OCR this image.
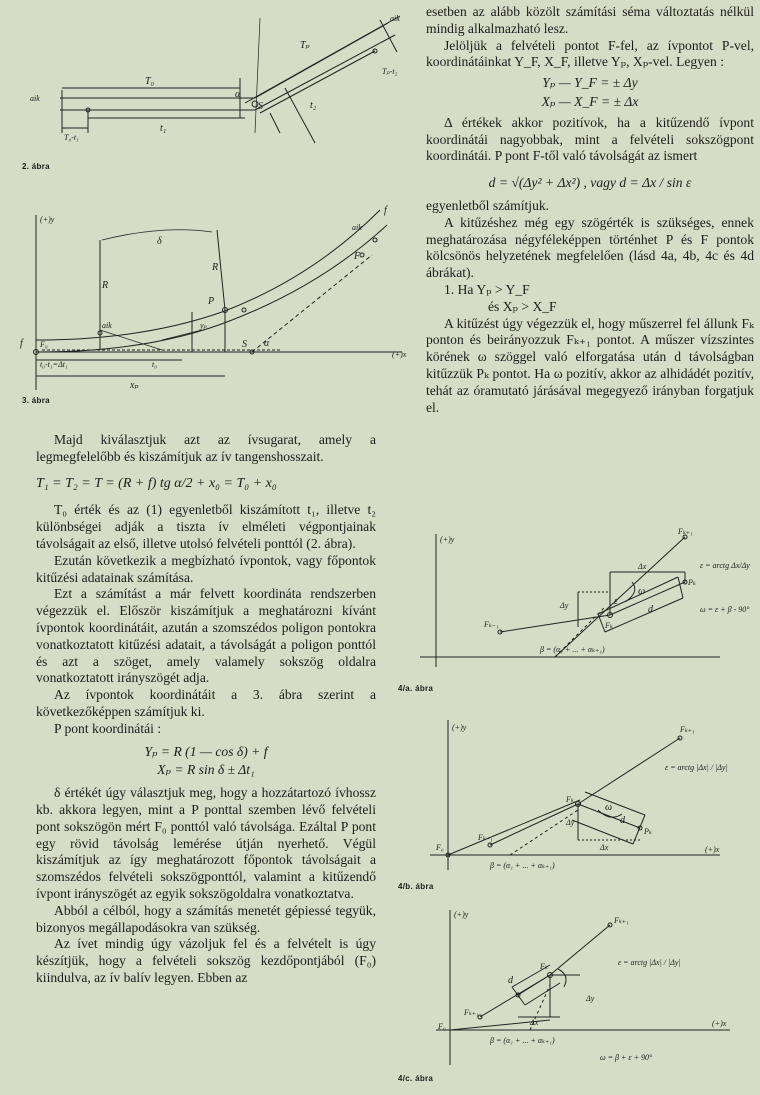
aik
aik
T₀
Tₚ
t₁
t₂
T₀-t₁
Tₚ-t₂
α
S
2. ábra
(+)y
(+)x
δ
R
R
aik
aik
f
f
P
F
S α
yₚ
F₀
xₚ
t₀
t₀-t₁=Δt₁
3. ábra

Majd kiválasztjuk azt az ívsugarat, amely a legmegfelelőbb és kiszámítjuk az ív tangenshosszait.

T₁ = T₂ = T = (R + f) tg α/2 + x₀ = T₀ + x₀

T₀ érték és az (1) egyenletből kiszámított t₁, illetve t₂ különbségei adják a tiszta ív elméleti végpontjainak távolságait az első, illetve utolsó felvételi ponttól (2. ábra).

Ezután következik a megbízható ívpontok, vagy főpontok kitűzési adatainak számítása.

Ezt a számítást a már felvett koordináta rendszerben végezzük el. Először kiszámítjuk a meghatározni kívánt ívpontok koordinátáit, azután a szomszédos poligon pontokra vonatkoztatott kitűzési adatait, a távolságát a poligon ponttól és azt a szöget, amely valamely sokszög oldalra vonatkoztatott irányszögét adja.

Az ívpontok koordinátáit a 3. ábra szerint a következőképpen számítjuk ki.

P pont koordinátái :

Yₚ = R (1 — cos δ) + f
Xₚ = R sin δ ± Δt₁

δ értékét úgy választjuk meg, hogy a hozzátartozó ívhossz kb. akkora legyen, mint a P ponttal szemben lévő felvételi pont sokszögön mért F₀ ponttól való távolsága. Ezáltal P pont egy rövid távolság lemérése útján nyerhető. Végül kiszámítjuk az így meghatározott főpontok távolságait a szomszédos felvételi sokszögponttól, valamint a kitűzendő ívpont irányszögét az egyik sokszögoldalra vonatkoztatva.

Abból a célból, hogy a számítás menetét gépiessé tegyük, bizonyos megállapodásokra van szükség.

Az ívet mindig úgy vázoljuk fel és a felvételt is úgy készítjük, hogy a felvételi sokszög kezdőpontjából (F₀) kiindulva, az ív balív legyen. Ebben az

esetben az alább közölt számítási séma változtatás nélkül mindig alkalmazható lesz.

Jelöljük a felvételi pontot F-fel, az ívpontot P-vel, koordinátáinkat Y_F, X_F, illetve Yₚ, Xₚ-vel. Legyen :

Yₚ — Y_F = ± Δy
Xₚ — X_F = ± Δx

Δ értékek akkor pozitívok, ha a kitűzendő ívpont koordinátái nagyobbak, mint a felvételi sokszögpont koordinátái. P pont F-től való távolságát az ismert

d = √(Δy² + Δx²) , vagy d = Δx / sin ε

egyenletből számítjuk.

A kitűzéshez még egy szögérték is szükséges, ennek meghatározása négyféleképpen történhet P és F pontok kölcsönös helyzetének megfelelően (lásd 4a, 4b, 4c és 4d ábrákat).

1. Ha Yₚ > Y_F

és Xₚ > X_F

A kitűzést úgy végezzük el, hogy műszerrel fel állunk Fₖ ponton és beirányozzuk Fₖ₊₁ pontot. A műszer vízszintes körének ω szöggel való elforgatása után d távolságban kitűzzük Pₖ pontot. Ha ω pozitív, akkor az alhidádét pozitív, tehát az óramutató járásával megegyező irányban forgatjuk el.

(+)y
Fₖ₊₁
Fₖ₋₁
Pₖ
Fₖ
Δx
Δy
ω
ε
d
ε = arctg Δx/Δy
ω = ε + β - 90°
β = (α₁ + ... + αₖ₊₁)
4/a. ábra
(+)y
(+)x
Fₖ₊₁
Fₖ₋₁
Fₖ
Pₖ
F₀
ω
d
Δx
Δy
ε = arctg |Δx| / |Δy|
β = (α₁ + ... + αₖ₊₁)
4/b. ábra
(+)y
(+)x
Fₖ₊₁
Fₖ₊₁
Fₖ
F₀
d
Δx
Δy
ε = arctg |Δx| / |Δy|
ω = β + ε + 90°
β = (α₁ + ... + αₖ₊₁)
4/c. ábra
